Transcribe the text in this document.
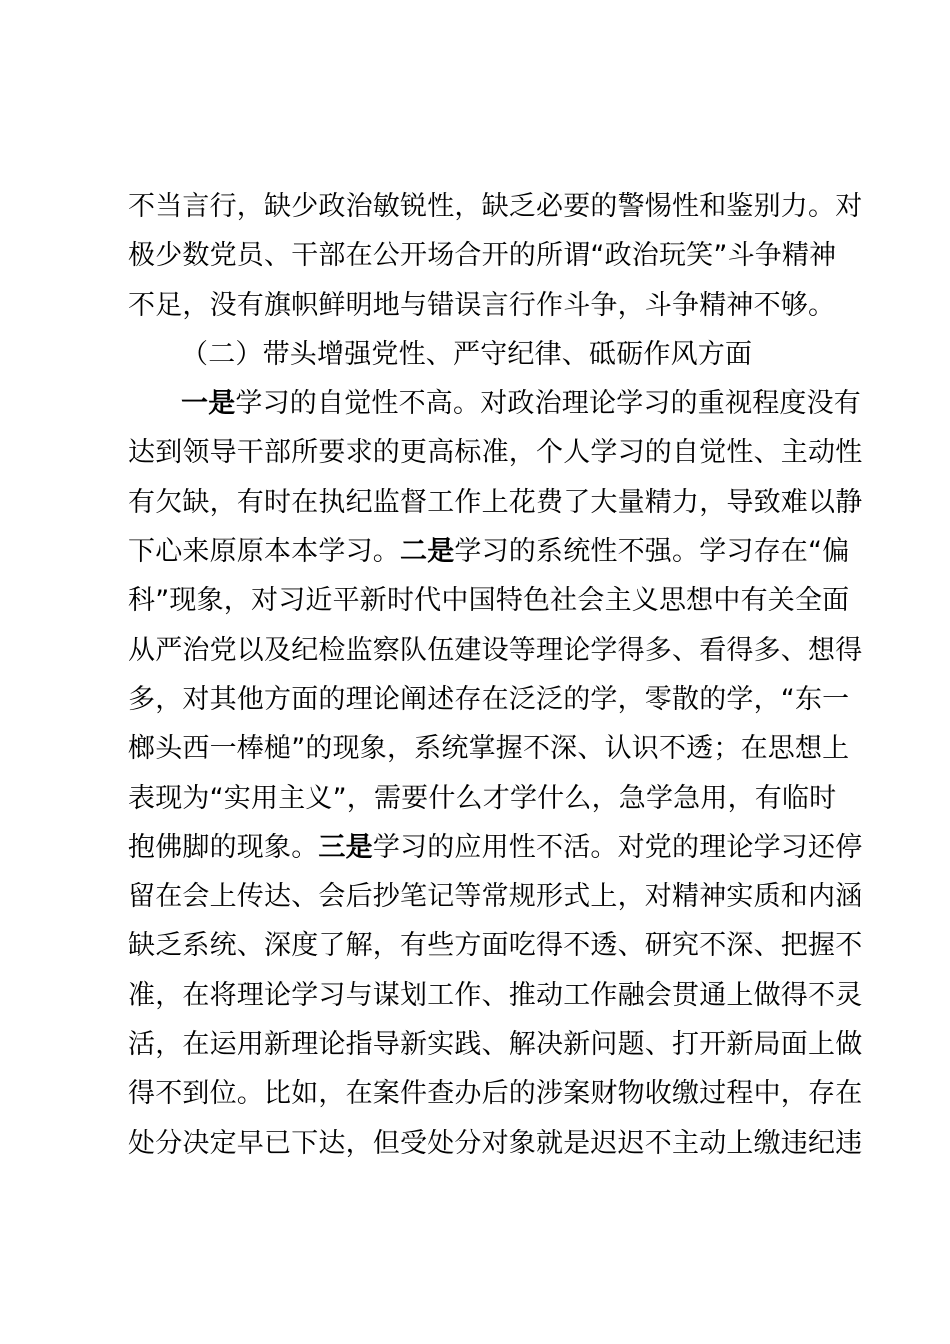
不当言行，缺少政治敏锐性，缺乏必要的警惕性和鉴别力。对
极少数党员、干部在公开场合开的所谓“政治玩笑”斗争精神
不足，没有旗帜鲜明地与错误言行作斗争，斗争精神不够。
（二）带头增强党性、严守纪律、砥砺作风方面
一是学习的自觉性不高。对政治理论学习的重视程度没有
达到领导干部所要求的更高标准，个人学习的自觉性、主动性
有欠缺，有时在执纪监督工作上花费了大量精力，导致难以静
下心来原原本本学习。二是学习的系统性不强。学习存在“偏
科”现象，对习近平新时代中国特色社会主义思想中有关全面
从严治党以及纪检监察队伍建设等理论学得多、看得多、想得
多，对其他方面的理论阐述存在泛泛的学，零散的学，“东一
榔头西一棒槌”的现象，系统掌握不深、认识不透；在思想上
表现为“实用主义”，需要什么才学什么，急学急用，有临时
抱佛脚的现象。三是学习的应用性不活。对党的理论学习还停
留在会上传达、会后抄笔记等常规形式上，对精神实质和内涵
缺乏系统、深度了解，有些方面吃得不透、研究不深、把握不
准，在将理论学习与谋划工作、推动工作融会贯通上做得不灵
活，在运用新理论指导新实践、解决新问题、打开新局面上做
得不到位。比如，在案件查办后的涉案财物收缴过程中，存在
处分决定早已下达，但受处分对象就是迟迟不主动上缴违纪违
